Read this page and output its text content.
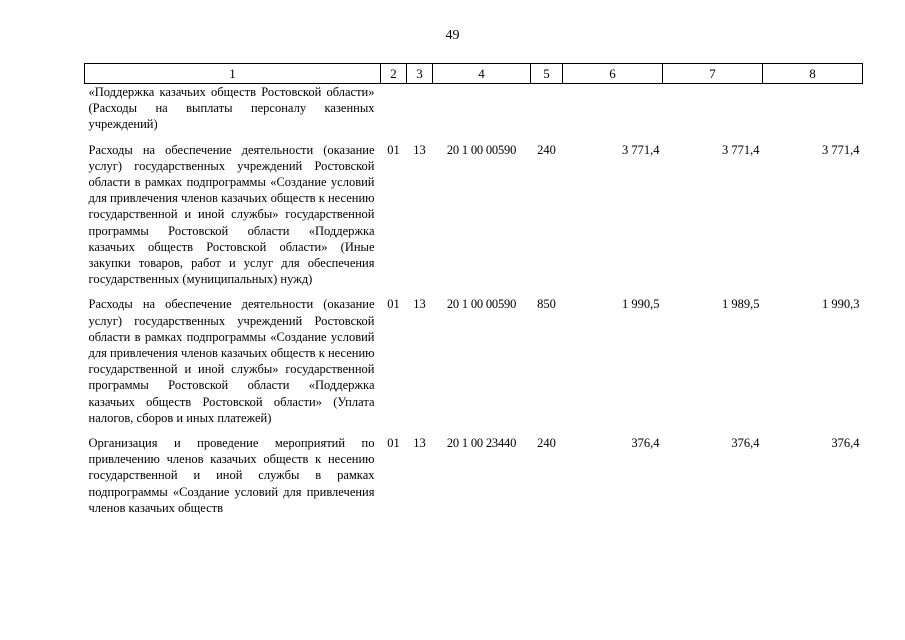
49
1	2	3	4	5	6	7	8
«Поддержка казачьих обществ Ростовской области» (Расходы на выплаты персоналу казенных учреждений)							
Расходы на обеспечение деятельности (оказание услуг) государственных учреждений Ростовской области в рамках подпрограммы «Создание условий для привлечения членов казачьих обществ к несению государственной и иной службы» государственной программы Ростовской области «Поддержка казачьих обществ Ростовской области» (Иные закупки товаров, работ и услуг для обеспечения государственных (муниципальных) нужд)	01	13	20 1 00 00590	240	3 771,4	3 771,4	3 771,4
Расходы на обеспечение деятельности (оказание услуг) государственных учреждений Ростовской области в рамках подпрограммы «Создание условий для привлечения членов казачьих обществ к несению государственной и иной службы» государственной программы Ростовской области «Поддержка казачьих обществ Ростовской области» (Уплата налогов, сборов и иных платежей)	01	13	20 1 00 00590	850	1 990,5	1 989,5	1 990,3
Организация и проведение мероприятий по привлечению членов казачьих обществ к несению государственной и иной службы в рамках подпрограммы «Создание условий для привлечения членов казачьих обществ	01	13	20 1 00 23440	240	376,4	376,4	376,4
